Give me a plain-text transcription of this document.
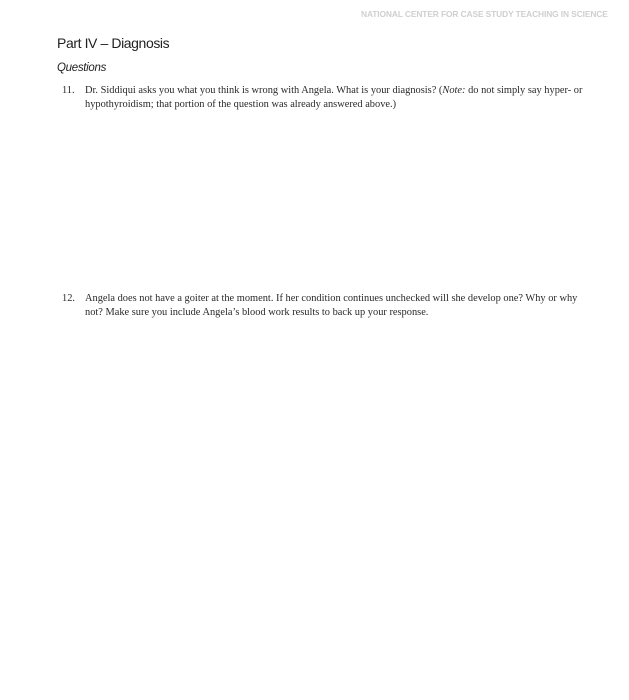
NATIONAL CENTER FOR CASE STUDY TEACHING IN SCIENCE
Part IV – Diagnosis
Questions
11. Dr. Siddiqui asks you what you think is wrong with Angela. What is your diagnosis? (Note: do not simply say hyper- or hypothyroidism; that portion of the question was already answered above.)
12. Angela does not have a goiter at the moment. If her condition continues unchecked will she develop one? Why or why not? Make sure you include Angela’s blood work results to back up your response.
